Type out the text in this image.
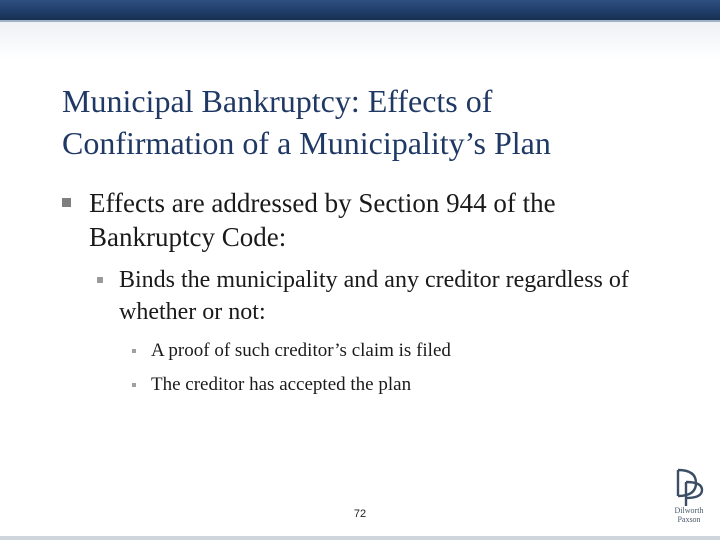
Municipal Bankruptcy: Effects of
Confirmation of a Municipality’s Plan
Effects are addressed by Section 944 of the Bankruptcy Code:
Binds the municipality and any creditor regardless of whether or not:
A proof of such creditor’s claim is filed
The creditor has accepted the plan
72
DP
Dilworth
Paxson
